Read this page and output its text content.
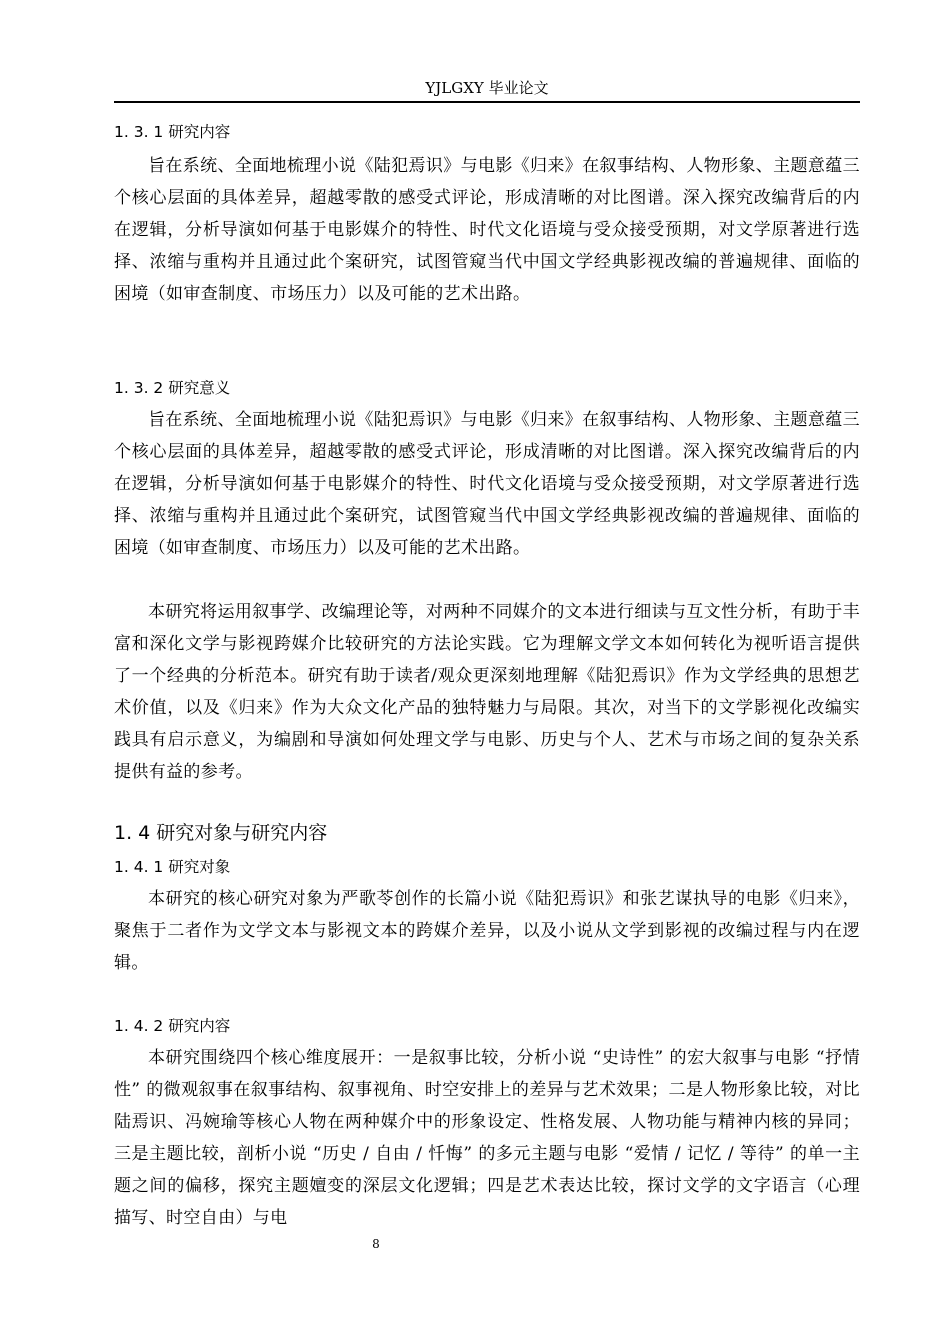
YJLGXY 毕业论文
1. 3. 1 研究内容
旨在系统、全面地梳理小说《陆犯焉识》与电影《归来》在叙事结构、人物形象、主题意蕴三个核心层面的具体差异，超越零散的感受式评论，形成清晰的对比图谱。深入探究改编背后的内在逻辑，分析导演如何基于电影媒介的特性、时代文化语境与受众接受预期，对文学原著进行选择、浓缩与重构并且通过此个案研究，试图管窥当代中国文学经典影视改编的普遍规律、面临的困境（如审查制度、市场压力）以及可能的艺术出路。
1. 3. 2 研究意义
旨在系统、全面地梳理小说《陆犯焉识》与电影《归来》在叙事结构、人物形象、主题意蕴三个核心层面的具体差异，超越零散的感受式评论，形成清晰的对比图谱。深入探究改编背后的内在逻辑，分析导演如何基于电影媒介的特性、时代文化语境与受众接受预期，对文学原著进行选择、浓缩与重构并且通过此个案研究，试图管窥当代中国文学经典影视改编的普遍规律、面临的困境（如审查制度、市场压力）以及可能的艺术出路。
本研究将运用叙事学、改编理论等，对两种不同媒介的文本进行细读与互文性分析，有助于丰富和深化文学与影视跨媒介比较研究的方法论实践。它为理解文学文本如何转化为视听语言提供了一个经典的分析范本。研究有助于读者/观众更深刻地理解《陆犯焉识》作为文学经典的思想艺术价值，以及《归来》作为大众文化产品的独特魅力与局限。其次，对当下的文学影视化改编实践具有启示意义，为编剧和导演如何处理文学与电影、历史与个人、艺术与市场之间的复杂关系提供有益的参考。
1. 4 研究对象与研究内容
1. 4. 1 研究对象
本研究的核心研究对象为严歌苓创作的长篇小说《陆犯焉识》和张艺谋执导的电影《归来》，聚焦于二者作为文学文本与影视文本的跨媒介差异，以及小说从文学到影视的改编过程与内在逻辑。
1. 4. 2 研究内容
本研究围绕四个核心维度展开：一是叙事比较，分析小说 “史诗性” 的宏大叙事与电影 “抒情性” 的微观叙事在叙事结构、叙事视角、时空安排上的差异与艺术效果；二是人物形象比较，对比陆焉识、冯婉瑜等核心人物在两种媒介中的形象设定、性格发展、人物功能与精神内核的异同；三是主题比较，剖析小说 “历史 / 自由 / 忏悔” 的多元主题与电影 “爱情 / 记忆 / 等待” 的单一主题之间的偏移，探究主题嬗变的深层文化逻辑；四是艺术表达比较，探讨文学的文字语言（心理描写、时空自由）与电
8
